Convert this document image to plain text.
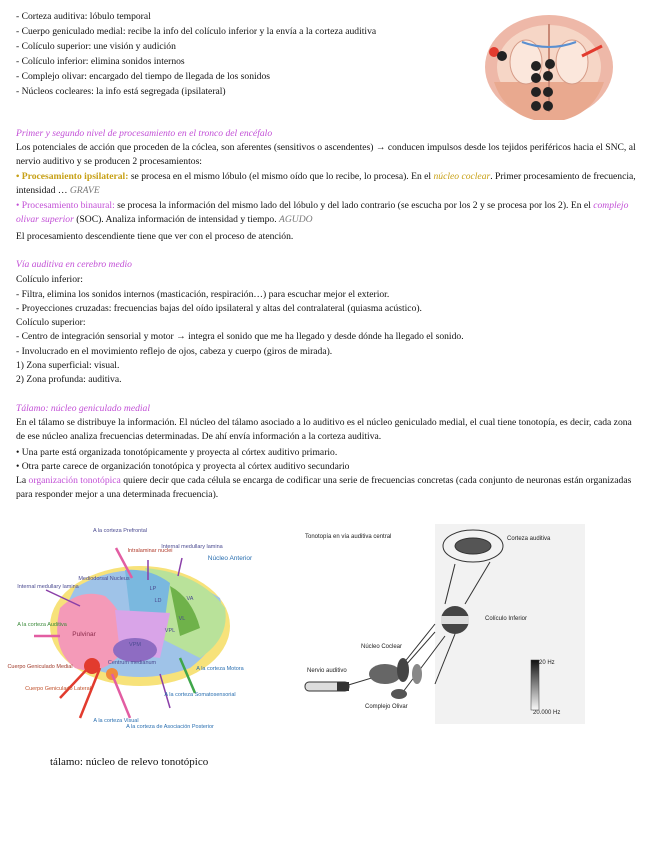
- Corteza auditiva: lóbulo temporal
- Cuerpo geniculado medial: recibe la info del colículo inferior y la envía a la corteza auditiva
- Colículo superior: une visión y audición
- Colículo inferior: elimina sonidos internos
- Complejo olivar: encargado del tiempo de llegada de los sonidos
- Núcleos cocleares: la info está segregada (ipsilateral)
Primer y segundo nivel de procesamiento en el tronco del encéfalo
Los potenciales de acción que proceden de la cóclea, son aferentes (sensitivos o ascendentes) → conducen impulsos desde los tejidos periféricos hacia el SNC, al nervio auditivo y se producen 2 procesamientos:
• Procesamiento ipsilateral: se procesa en el mismo lóbulo (el mismo oído que lo recibe, lo procesa). En el núcleo coclear. Primer procesamiento de frecuencia, intensidad … GRAVE
• Procesamiento binaural: se procesa la información del mismo lado del lóbulo y del lado contrario (se escucha por los 2 y se procesa por los 2). En el complejo olivar superior (SOC). Analiza información de intensidad y tiempo. AGUDO
El procesamiento descendiente tiene que ver con el proceso de atención.
Vía auditiva en cerebro medio
Colículo inferior:
- Filtra, elimina los sonidos internos (masticación, respiración…) para escuchar mejor el exterior.
- Proyecciones cruzadas: frecuencias bajas del oído ipsilateral y altas del contralateral (quiasma acústico).
Colículo superior:
- Centro de integración sensorial y motor → integra el sonido que me ha llegado y desde dónde ha llegado el sonido.
- Involucrado en el movimiento reflejo de ojos, cabeza y cuerpo (giros de mirada).
1) Zona superficial: visual.
2) Zona profunda: auditiva.
Tálamo: núcleo geniculado medial
En el tálamo se distribuye la información. El núcleo del tálamo asociado a lo auditivo es el núcleo geniculado medial, el cual tiene tonotopía, es decir, cada zona de ese núcleo analiza frecuencias determinadas. De ahí envía información a la corteza auditiva.
• Una parte está organizada tonotópicamente y proyecta al córtex auditivo primario.
• Otra parte carece de organización tonotópica y proyecta al córtex auditivo secundario
La organización tonotópica quiere decir que cada célula se encarga de codificar una serie de frecuencias concretas (cada conjunto de neuronas están organizadas para responder mejor a una determinada frecuencia).
A la corteza Prefrontal
Intralaminar nuclei
Internal medullary lamina
Núcleo Anterior
Mediodorsal Nucleus
Internal medullary lamina
A la corteza Auditiva
Pulvinar
Cuerpo Geniculado Medial
Cuerpo Geniculado Lateral
LP
LD	VA
VL
VPL
VPM
Centrum medianum
A la corteza Motora
A la corteza Somatosensorial
A la corteza Visual
A la corteza de Asociación Posterior
Tonotopía en vía auditiva central	Corteza auditiva
Colículo Inferior
Núcleo Coclear
Nervio auditivo
Complejo Olivar
20 Hz
20.000 Hz
tálamo: núcleo de relevo tonotópico
